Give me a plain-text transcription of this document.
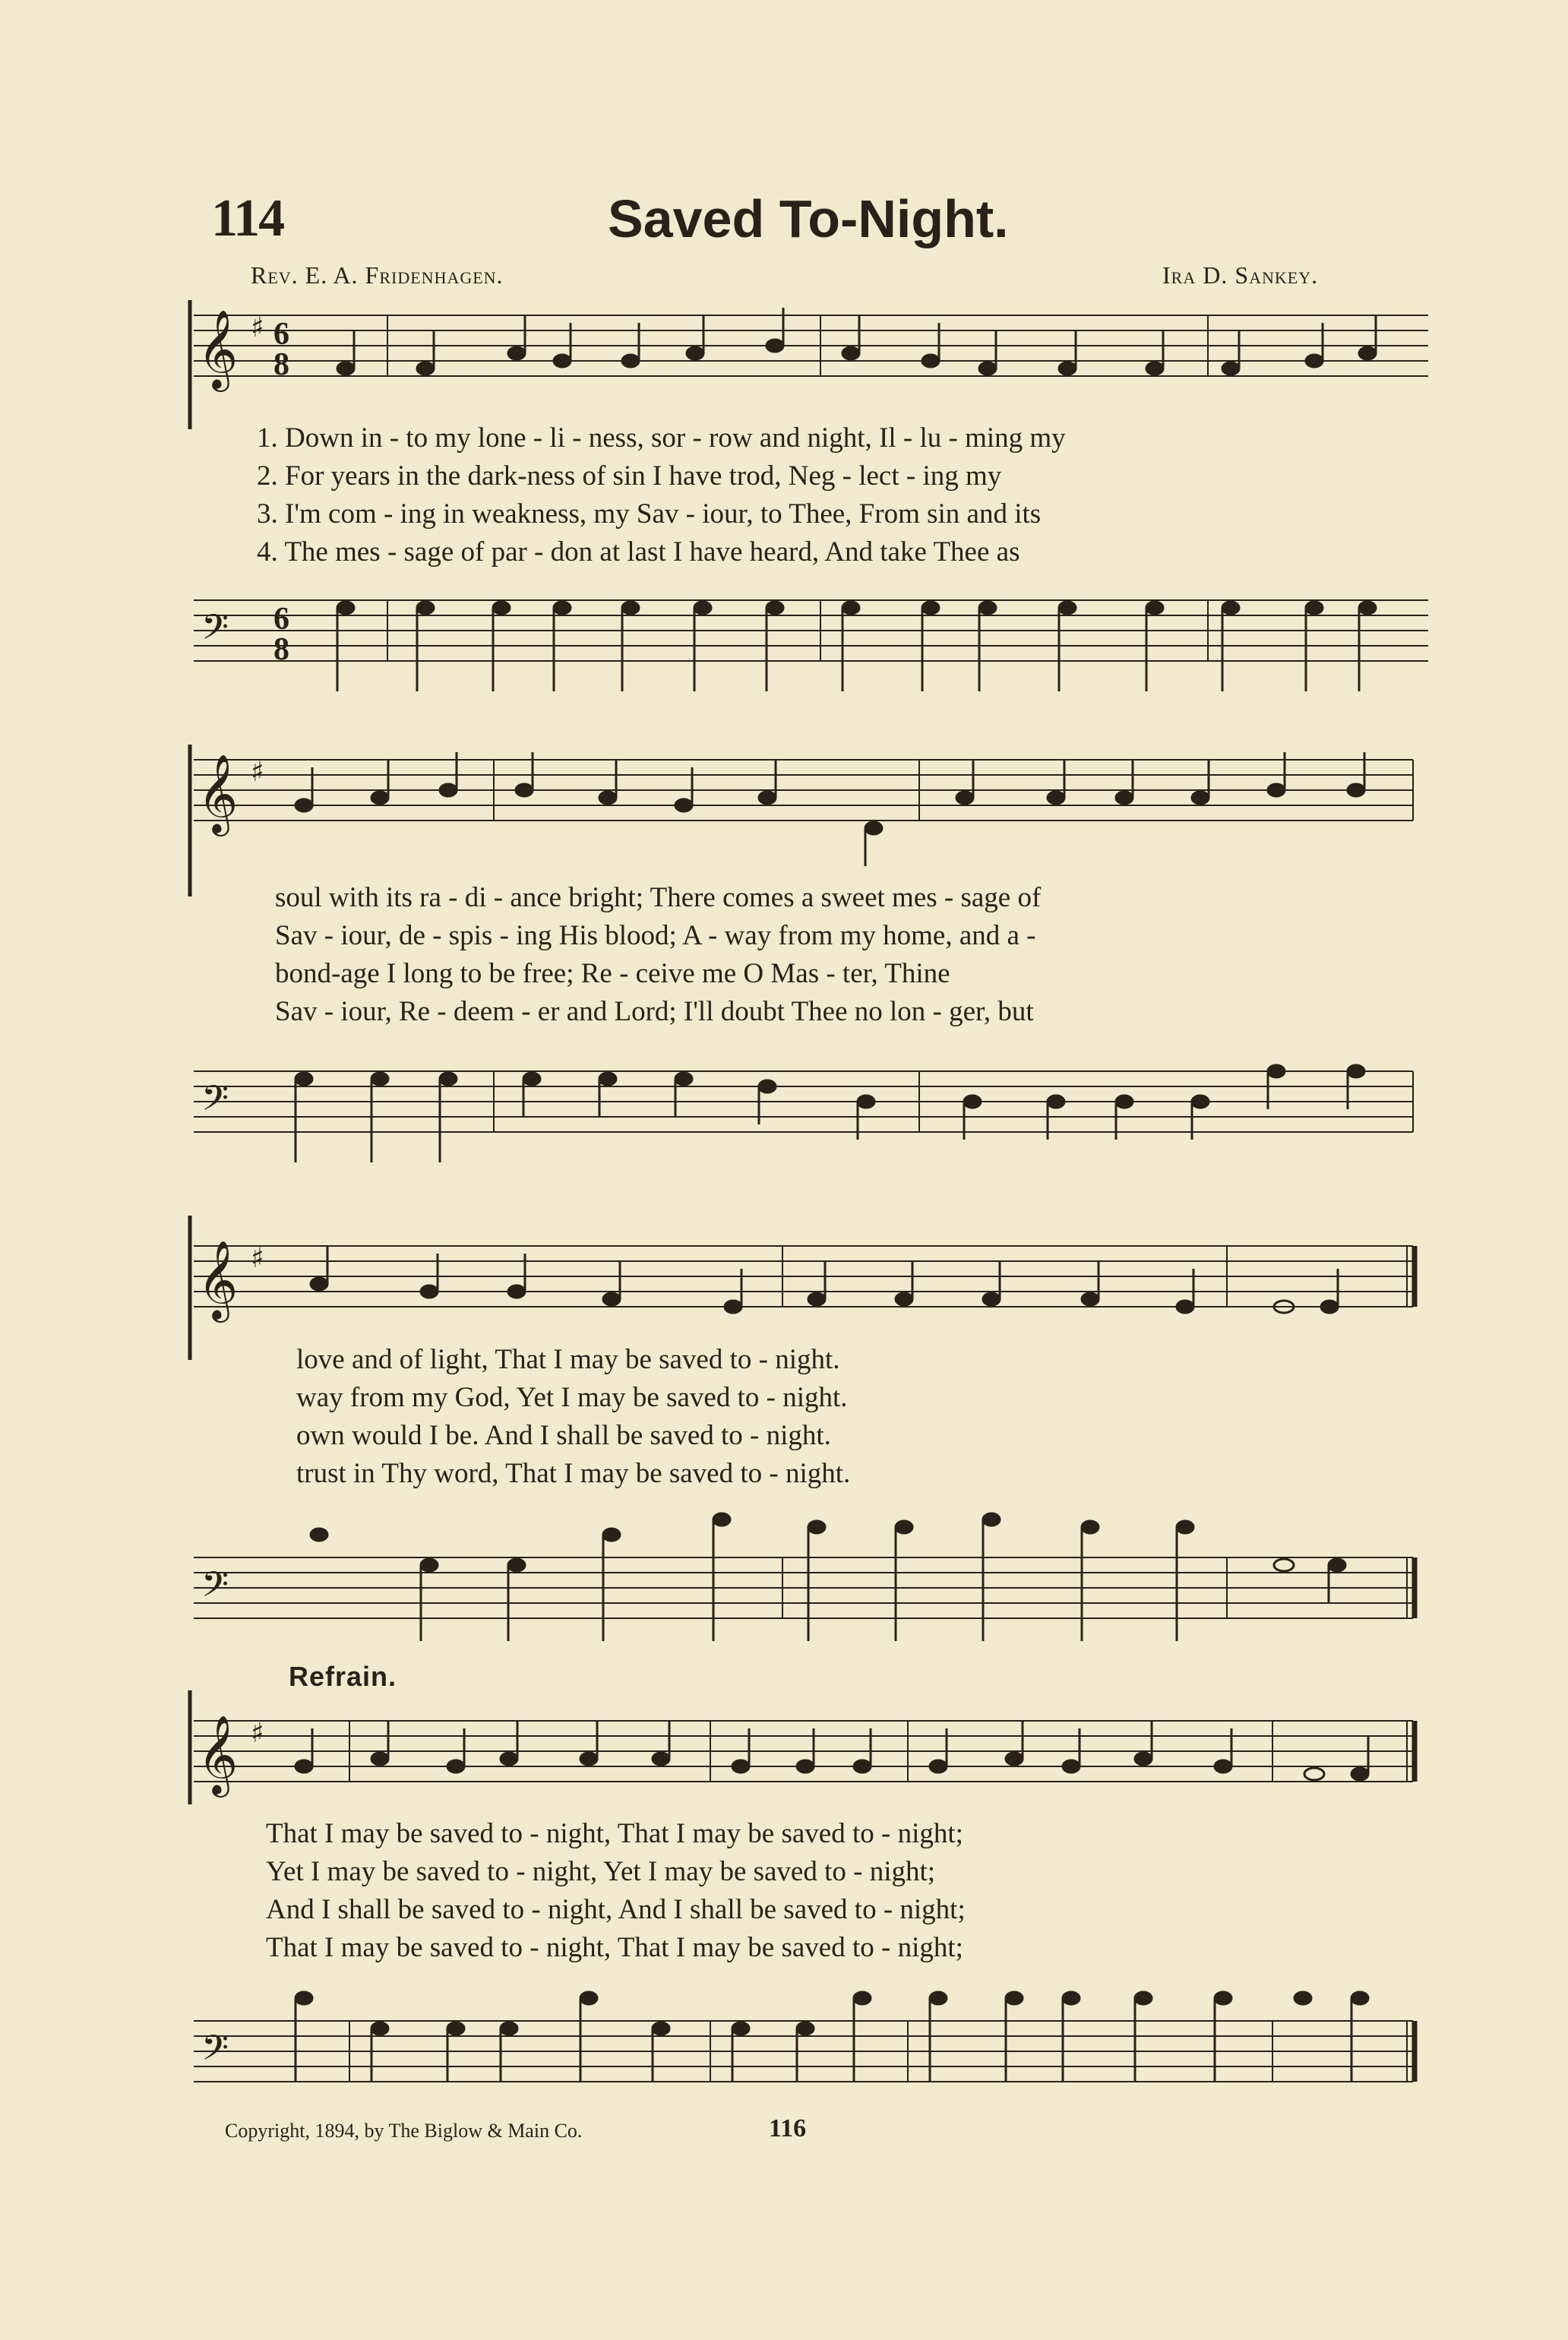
114	Saved To-Night.
Rev. E. A. Fridenhagen.	Ira D. Sankey.
𝄞 ♯ 6
8
1. Down in - to my lone - li - ness, sor - row and night, Il - lu - ming my
2. For years in the dark-ness of sin I have trod, Neg - lect - ing my
3. I'm com - ing in weakness, my Sav - iour, to Thee, From sin and its
4. The mes - sage of par - don at last I have heard, And take Thee as
𝄢 6
8
𝄞 ♯
soul with its ra - di - ance bright; There comes a sweet mes - sage of
Sav - iour, de - spis - ing His blood; A - way from my home, and a -
bond-age I long to be free; Re - ceive me O Mas - ter, Thine
Sav - iour, Re - deem - er and Lord; I'll doubt Thee no lon - ger, but
𝄢
𝄞 ♯
love and of light, That I may be saved to - night.
way from my God, Yet I may be saved to - night.
own would I be. And I shall be saved to - night.
trust in Thy word, That I may be saved to - night.
𝄢
Refrain.
𝄞 ♯
That I may be saved to - night, That I may be saved to - night;
Yet I may be saved to - night, Yet I may be saved to - night;
And I shall be saved to - night, And I shall be saved to - night;
That I may be saved to - night, That I may be saved to - night;
𝄢
Copyright, 1894, by The Biglow & Main Co.	116
